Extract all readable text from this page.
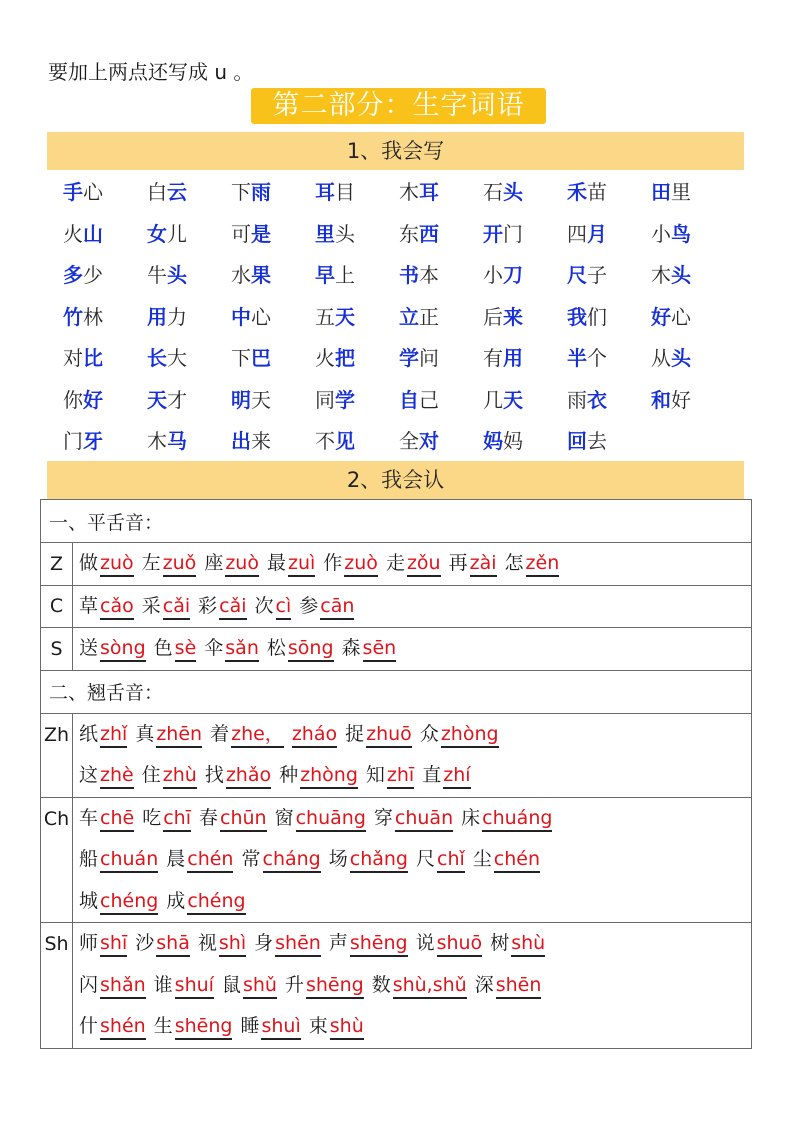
要加上两点还写成 u 。
第二部分：生字词语
1、我会写
手心	白云	下雨	耳目	木耳	石头	禾苗	田里
火山	女儿	可是	里头	东西	开门	四月	小鸟
多少	牛头	水果	早上	书本	小刀	尺子	木头
竹林	用力	中心	五天	立正	后来	我们	好心
对比	长大	下巴	火把	学问	有用	半个	从头
你好	天才	明天	同学	自己	几天	雨衣	和好
门牙	木马	出来	不见	全对	妈妈	回去
2、我会认
一、平舌音：	
Z	做 zuò 左 zuǒ 座 zuò 最 zuì 作 zuò 走 zǒu 再 zài 怎 zěn

C	草 cǎo 采 cǎi 彩 cǎi 次 cì 参 cān

S	送 sòng 色 sè 伞 sǎn 松 sōng 森 sēn

二、翘舌音：	
Zh	纸 zhǐ 真 zhēn 着 zhe， zháo 捉 zhuō 众 zhòng
这 zhè 住 zhù 找 zhǎo 种 zhòng 知 zhī 直 zhí

Ch	车 chē 吃 chī 春 chūn 窗 chuāng 穿 chuān 床 chuáng
船 chuán 晨 chén 常 cháng 场 chǎng 尺 chǐ 尘 chén
城 chéng 成 chéng

Sh	师 shī 沙 shā 视 shì 身 shēn 声 shēng 说 shuō 树 shù
闪 shǎn 谁 shuí 鼠 shǔ 升 shēng 数 shù,shǔ 深 shēn
什 shén 生 shēng 睡 shuì 束 shù
